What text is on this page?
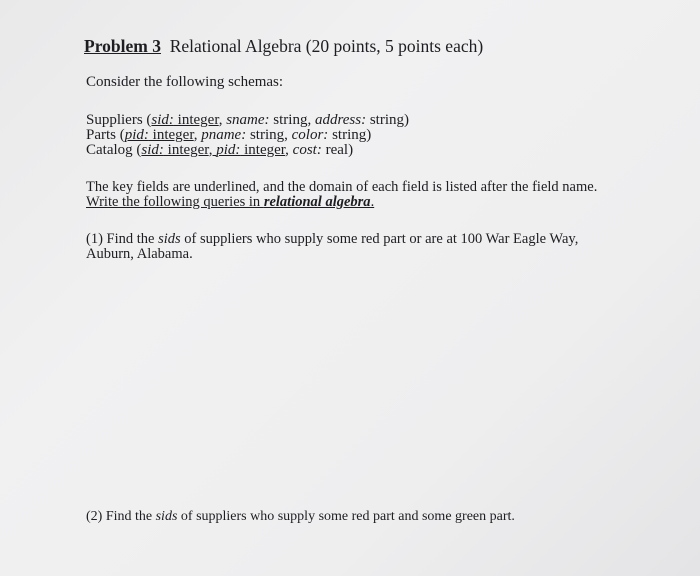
Problem 3 Relational Algebra (20 points, 5 points each)
Consider the following schemas:
Suppliers (sid: integer, sname: string, address: string)
Parts (pid: integer, pname: string, color: string)
Catalog (sid: integer, pid: integer, cost: real)
The key fields are underlined, and the domain of each field is listed after the field name.
Write the following queries in relational algebra.
(1) Find the sids of suppliers who supply some red part or are at 100 War Eagle Way,
Auburn, Alabama.
(2) Find the sids of suppliers who supply some red part and some green part.
